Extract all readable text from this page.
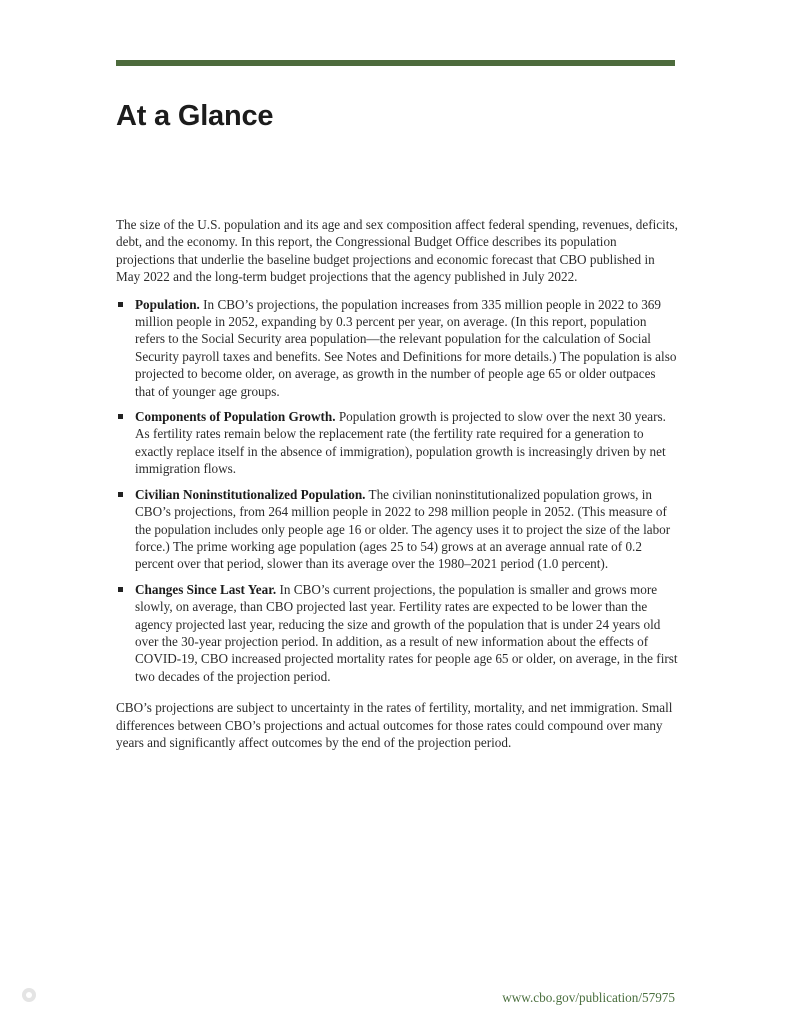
At a Glance

The size of the U.S. population and its age and sex composition affect federal spending, revenues, deficits, debt, and the economy. In this report, the Congressional Budget Office describes its population projections that underlie the baseline budget projections and economic forecast that CBO published in May 2022 and the long-term budget projections that the agency published in July 2022.

Population. In CBO’s projections, the population increases from 335 million people in 2022 to 369 million people in 2052, expanding by 0.3 percent per year, on average. (In this report, population refers to the Social Security area population—the relevant population for the calculation of Social Security payroll taxes and benefits. See Notes and Definitions for more details.) The population is also projected to become older, on average, as growth in the number of people age 65 or older outpaces that of younger age groups.
Components of Population Growth. Population growth is projected to slow over the next 30 years. As fertility rates remain below the replacement rate (the fertility rate required for a generation to exactly replace itself in the absence of immigration), population growth is increasingly driven by net immigration flows.
Civilian Noninstitutionalized Population. The civilian noninstitutionalized population grows, in CBO’s projections, from 264 million people in 2022 to 298 million people in 2052. (This measure of the population includes only people age 16 or older. The agency uses it to project the size of the labor force.) The prime working age population (ages 25 to 54) grows at an average annual rate of 0.2 percent over that period, slower than its average over the 1980–2021 period (1.0 percent).
Changes Since Last Year. In CBO’s current projections, the population is smaller and grows more slowly, on average, than CBO projected last year. Fertility rates are expected to be lower than the agency projected last year, reducing the size and growth of the population that is under 24 years old over the 30-year projection period. In addition, as a result of new information about the effects of COVID-19, CBO increased projected mortality rates for people age 65 or older, on average, in the first two decades of the projection period.

CBO’s projections are subject to uncertainty in the rates of fertility, mortality, and net immigration. Small differences between CBO’s projections and actual outcomes for those rates could compound over many years and significantly affect outcomes by the end of the projection period.

www.cbo.gov/publication/57975
